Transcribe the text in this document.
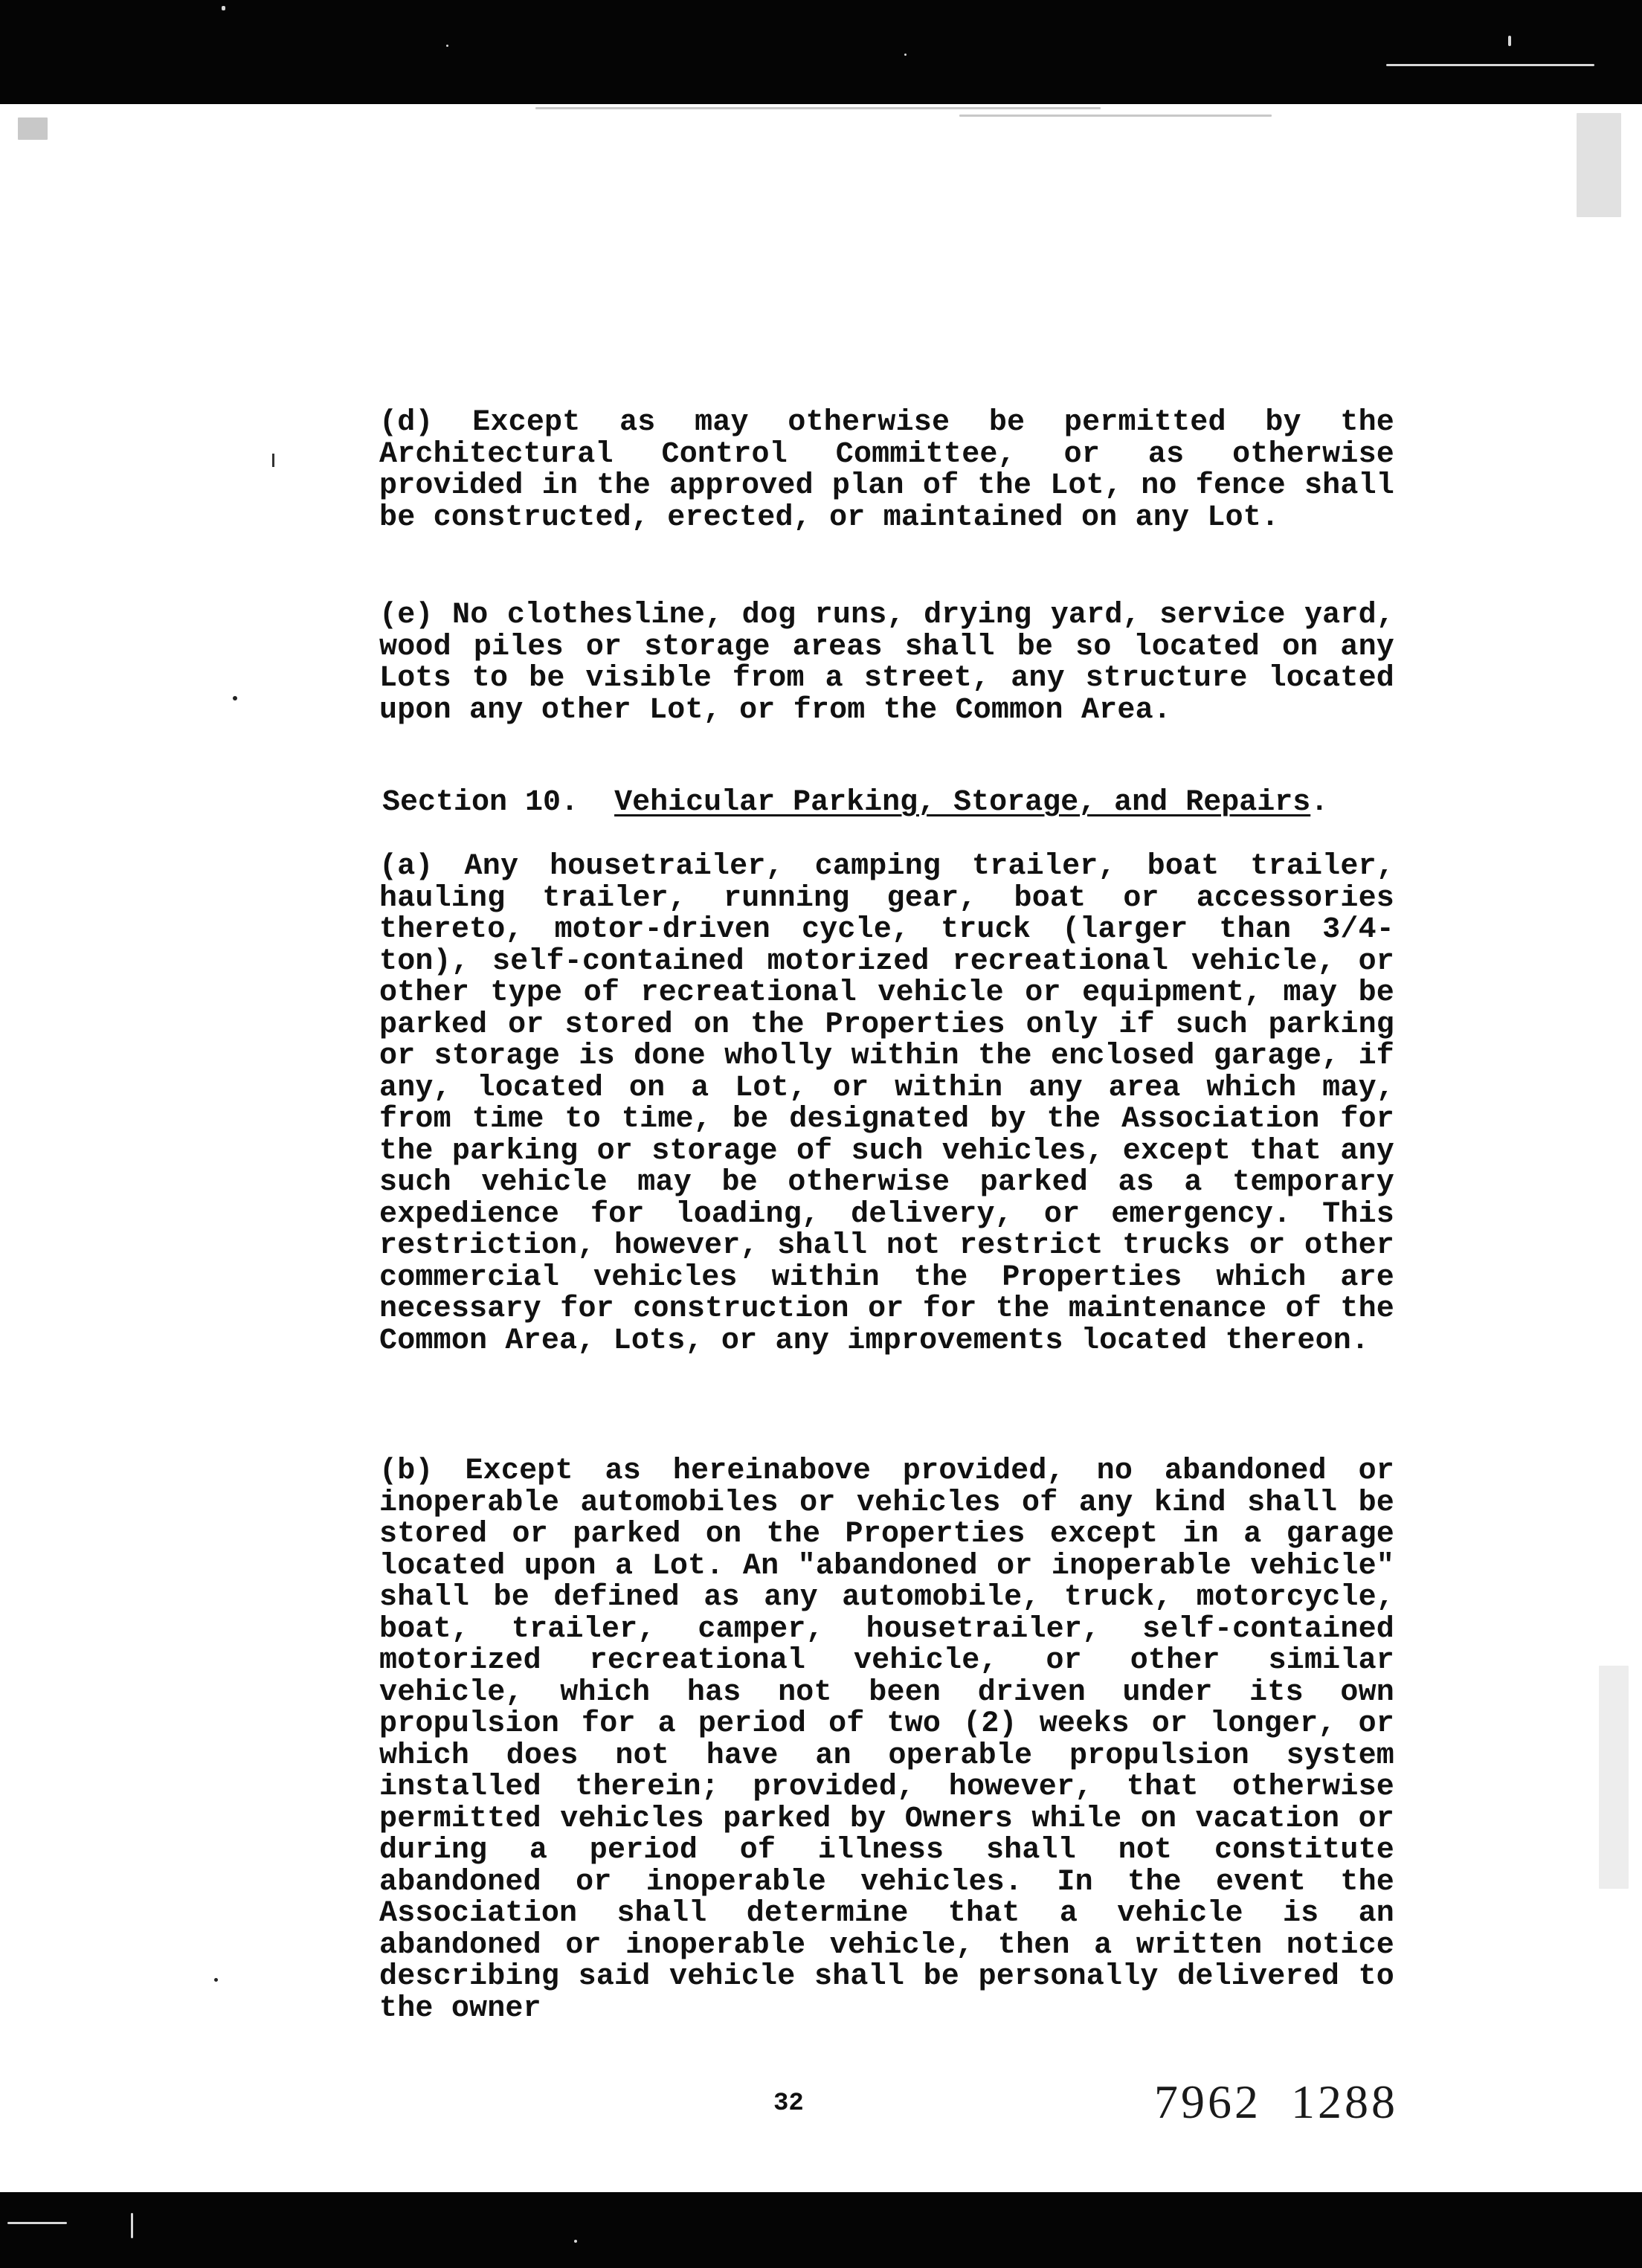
(d) Except as may otherwise be permitted by the Architectural Control Committee, or as otherwise provided in the approved plan of the Lot, no fence shall be constructed, erected, or maintained on any Lot.
(e) No clothesline, dog runs, drying yard, service yard, wood piles or storage areas shall be so located on any Lots to be visible from a street, any structure located upon any other Lot, or from the Common Area.
Section 10. Vehicular Parking, Storage, and Repairs.
(a) Any housetrailer, camping trailer, boat trailer, hauling trailer, running gear, boat or accessories thereto, motor-driven cycle, truck (larger than 3/4-ton), self-contained motorized recreational vehicle, or other type of recreational vehicle or equipment, may be parked or stored on the Properties only if such parking or storage is done wholly within the enclosed garage, if any, located on a Lot, or within any area which may, from time to time, be designated by the Association for the parking or storage of such vehicles, except that any such vehicle may be otherwise parked as a temporary expedience for loading, delivery, or emergency. This restriction, however, shall not restrict trucks or other commercial vehicles within the Properties which are necessary for construction or for the maintenance of the Common Area, Lots, or any improvements located thereon.
(b) Except as hereinabove provided, no abandoned or inoperable automobiles or vehicles of any kind shall be stored or parked on the Properties except in a garage located upon a Lot. An "abandoned or inoperable vehicle" shall be defined as any automobile, truck, motorcycle, boat, trailer, camper, housetrailer, self-contained motorized recreational vehicle, or other similar vehicle, which has not been driven under its own propulsion for a period of two (2) weeks or longer, or which does not have an operable propulsion system installed therein; provided, however, that otherwise permitted vehicles parked by Owners while on vacation or during a period of illness shall not constitute abandoned or inoperable vehicles. In the event the Association shall determine that a vehicle is an abandoned or inoperable vehicle, then a written notice describing said vehicle shall be personally delivered to the owner
32	7962  1288
